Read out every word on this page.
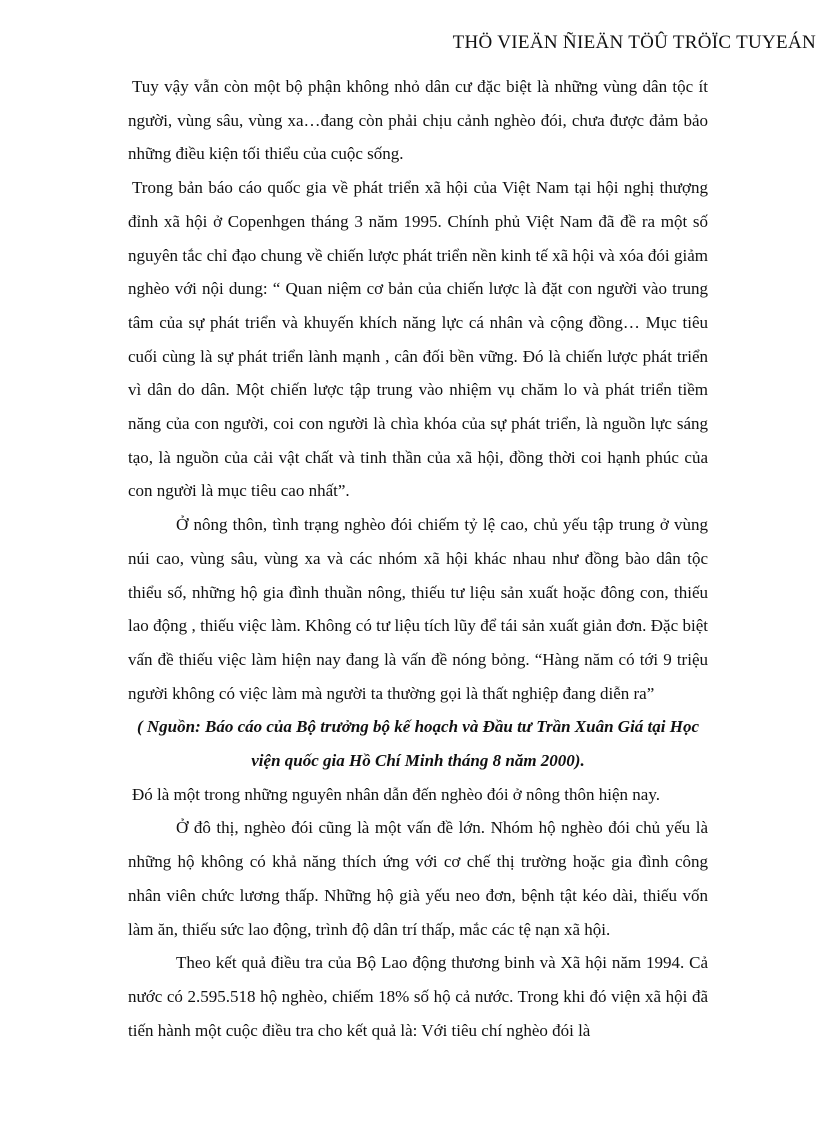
THÖ VIEÄN ÑIEÄN TÖÛ TRÖÏC TUYEÁN

Tuy vậy vẫn còn một bộ phận không nhỏ dân cư đặc biệt là những vùng dân tộc ít người, vùng sâu, vùng xa…đang còn phải chịu cảnh nghèo đói, chưa được đảm bảo những điều kiện tối thiểu của cuộc sống.

Trong bản báo cáo quốc gia về phát triển xã hội của Việt Nam tại hội nghị thượng đỉnh xã hội ở Copenhgen tháng 3 năm 1995. Chính phủ Việt Nam đã đề ra một số nguyên tắc chỉ đạo chung về chiến lược phát triển nền kinh tế xã hội và xóa đói giảm nghèo với nội dung: “ Quan niệm cơ bản của chiến lược là đặt con người vào trung tâm của sự phát triển và khuyến khích năng lực cá nhân và cộng đồng… Mục tiêu cuối cùng là sự phát triển lành mạnh , cân đối bền vững. Đó là chiến lược phát triển vì dân do dân. Một chiến lược tập trung vào nhiệm vụ chăm lo và phát triển tiềm năng của con người, coi con người là chìa khóa của sự phát triển, là nguồn lực sáng tạo, là nguồn của cải vật chất và tinh thần của xã hội, đồng thời coi hạnh phúc của con người là mục tiêu cao nhất”.

Ở nông thôn, tình trạng nghèo đói chiếm tỷ lệ cao, chủ yếu tập trung ở vùng núi cao, vùng sâu, vùng xa và các nhóm xã hội khác nhau như đồng bào dân tộc thiểu số, những hộ gia đình thuần nông, thiếu tư liệu sản xuất hoặc đông con, thiếu lao động , thiếu việc làm. Không có tư liệu tích lũy để tái sản xuất giản đơn. Đặc biệt vấn đề thiếu việc làm hiện nay đang là vấn đề nóng bỏng. “Hàng năm có tới 9 triệu người không có việc làm mà người ta thường gọi là thất nghiệp đang diễn ra”

( Nguồn: Báo cáo của Bộ trưởng bộ kế hoạch và Đầu tư Trần Xuân Giá tại Học viện quốc gia Hồ Chí Minh tháng 8 năm 2000).

Đó là một trong những nguyên nhân dẫn đến nghèo đói ở nông thôn hiện nay.

Ở đô thị, nghèo đói cũng là một vấn đề lớn. Nhóm hộ nghèo đói chủ yếu là những hộ không có khả năng thích ứng với cơ chế thị trường hoặc gia đình công nhân viên chức lương thấp. Những hộ già yếu neo đơn, bệnh tật kéo dài, thiếu vốn làm ăn, thiếu sức lao động, trình độ dân trí thấp, mắc các tệ nạn xã hội.

Theo kết quả điều tra của Bộ Lao động thương binh và Xã hội năm 1994. Cả nước có 2.595.518 hộ nghèo, chiếm 18% số hộ cả nước. Trong khi đó viện xã hội đã tiến hành một cuộc điều tra cho kết quả là: Với tiêu chí nghèo đói là
